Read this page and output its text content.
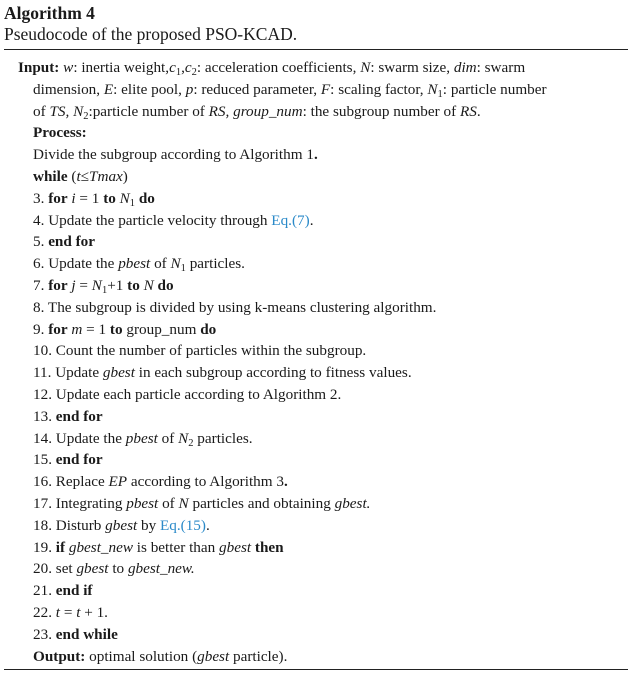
Algorithm 4
Pseudocode of the proposed PSO-KCAD.
Input: w: inertia $weight,c_1,c_2$: acceleration coefficients, N: swarm size, dim: swarm
dimension, E: elite pool, p: reduced parameter, F: scaling factor, $N_1$: particle number
of TS, $N_2:particle$ number of RS, group_num: the subgroup number of RS.
Process:
Divide the subgroup according to Algorithm 1.
while (t≤Tmax)
3. for i = 1 to $N_1$ do
4. Update the particle velocity through Eq.(7).
5. end for
6. Update the pbest of $N_1$ particles.
7. for $j = N_1+1$ to N do
8. The subgroup is divided by using k-means clustering algorithm.
9. for m = 1 to group_num do
10. Count the number of particles within the subgroup.
11. Update gbest in each subgroup according to fitness values.
12. Update each particle according to Algorithm 2.
13. end for
14. Update the pbest of $N_2$ particles.
15. end for
16. Replace EP according to Algorithm 3.
17. Integrating pbest of N particles and obtaining gbest.
18. Disturb gbest by Eq.(15).
19. if gbest_new is better than gbest then
20. set gbest to gbest_new.
21. end if
22. t = t + 1.
23. end while
Output: optimal solution (gbest particle).
